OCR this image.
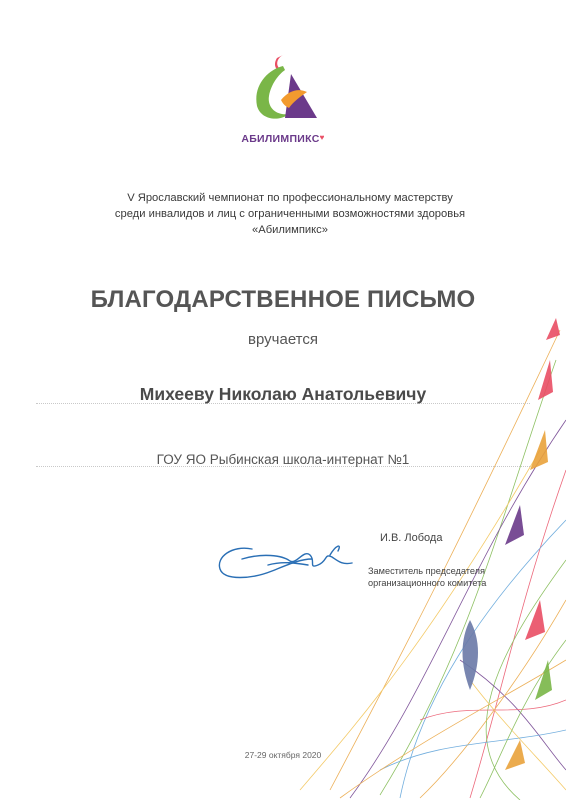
АБИЛИМПИКС♥
V Ярославский чемпионат по профессиональному мастерству
среди инвалидов и лиц с ограниченными возможностями здоровья
«Абилимпикс»
БЛАГОДАРСТВЕННОЕ ПИСЬМО
вручается
Михееву Николаю Анатольевичу
ГОУ ЯО Рыбинская школа-интернат №1
И.В. Лобода
Заместитель председателя
организационного комитета
27-29 октября 2020
